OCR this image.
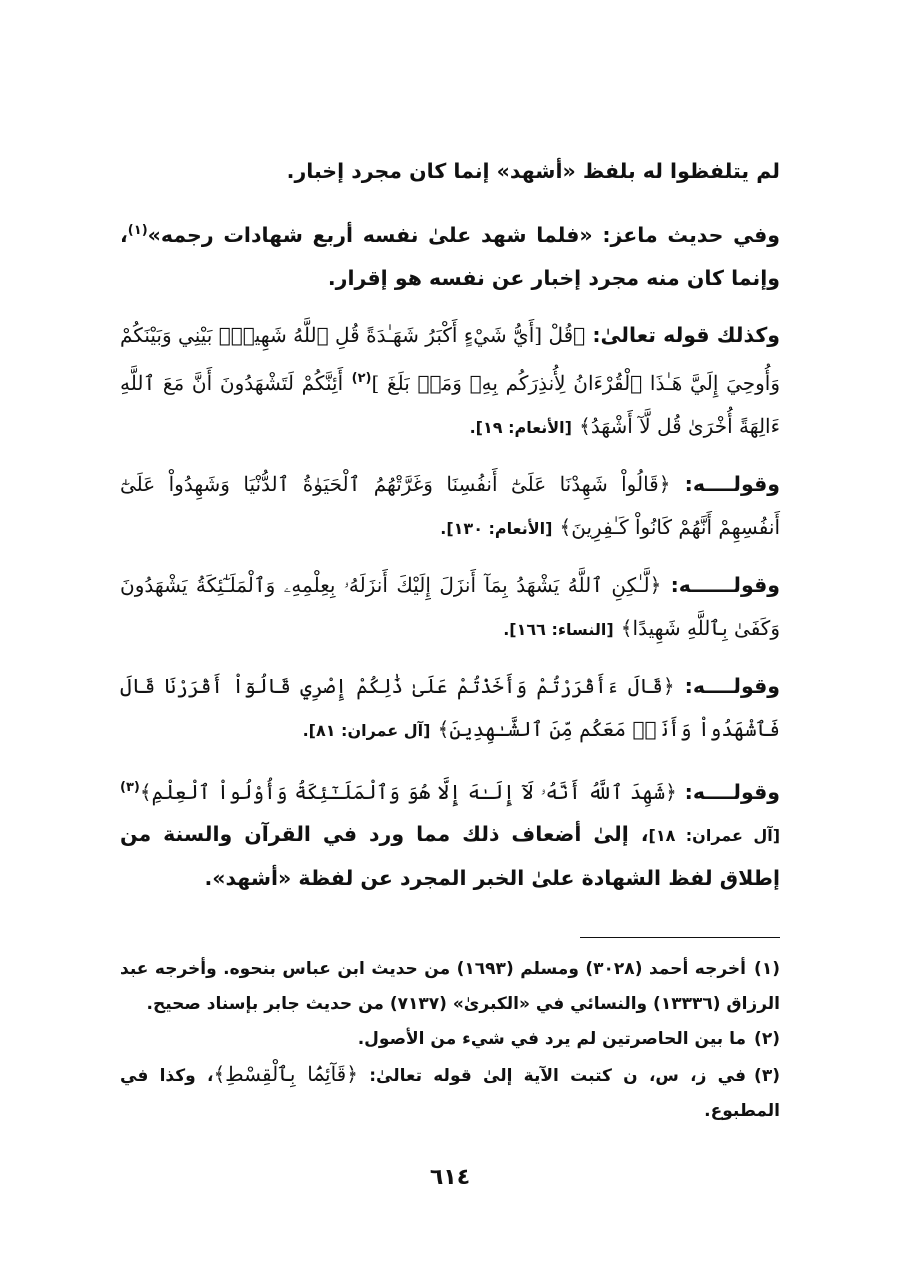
لم يتلفظوا له بلفظ «أشهد» إنما كان مجرد إخبار.

وفي حديث ماعز: «فلما شهد علىٰ نفسه أربع شهادات رجمه»$^{(١)}$، وإنما كان منه مجرد إخبار عن نفسه هو إقرار.

وكذلك قوله تعالىٰ: ﴿قُلْ [أَيُّ شَيْءٍ أَكْبَرُ شَهَـٰدَةً قُلِ ٱللَّهُ شَهِيدُۢ بَيْنِي وَبَيْنَكُمْ وَأُوحِيَ إِلَيَّ هَـٰذَا ٱلْقُرْءَانُ لِأُنذِرَكُم بِهِۦ وَمَنۢ بَلَغَ ]$^{(٢)}$ أَئِنَّكُمْ لَتَشْهَدُونَ أَنَّ مَعَ ٱللَّهِ ءَالِهَةً أُخْرَىٰ قُل لَّآ أَشْهَدُ﴾ [الأنعام: ١٩].

وقولــــه: ﴿قَالُواْ شَهِدْنَا عَلَىٰٓ أَنفُسِنَا وَغَرَّتْهُمُ ٱلْحَيَوٰةُ ٱلدُّنْيَا وَشَهِدُواْ عَلَىٰٓ أَنفُسِهِمْ أَنَّهُمْ كَانُواْ كَـٰفِرِينَ﴾ [الأنعام: ١٣٠].

وقولــــــه: ﴿لَّـٰكِنِ ٱللَّهُ يَشْهَدُ بِمَآ أَنزَلَ إِلَيْكَ أَنزَلَهُۥ بِعِلْمِهِۦ وَٱلْمَلَـٰٓئِكَةُ يَشْهَدُونَ وَكَفَىٰ بِٱللَّهِ شَهِيدًا﴾ [النساء: ١٦٦].

وقولــــه: ﴿قَالَ ءَأَقْرَرْتُمْ وَأَخَذْتُمْ عَلَىٰ ذَٰلِكُمْ إِصْرِي قَالُوٓاْ أَقْرَرْنَا قَالَ فَٱشْهَدُواْ وَأَنَا۠ مَعَكُم مِّنَ ٱلشَّـٰهِدِينَ﴾ [آل عمران: ٨١].

وقولــــه: ﴿شَهِدَ ٱللَّهُ أَنَّهُۥ لَآ إِلَـٰهَ إِلَّا هُوَ وَٱلْمَلَـٰٓئِكَةُ وَأُوْلُواْ ٱلْعِلْمِ﴾$^{(٣)}$ [آل عمران: ١٨]، إلىٰ أضعاف ذلك مما ورد في القرآن والسنة من إطلاق لفظ الشهادة علىٰ الخبر المجرد عن لفظة «أشهد».

(١)أخرجه أحمد (٣٠٢٨) ومسلم (١٦٩٣) من حديث ابن عباس بنحوه. وأخرجه عبد الرزاق (١٣٣٣٦) والنسائي في «الكبرىٰ» (٧١٣٧) من حديث جابر بإسناد صحيح.

(٢)ما بين الحاصرتين لم يرد في شيء من الأصول.

(٣)في ز، س، ن كتبت الآية إلىٰ قوله تعالىٰ: ﴿قَآئِمَۢا بِٱلْقِسْطِ﴾، وكذا في المطبوع.

٦١٤
